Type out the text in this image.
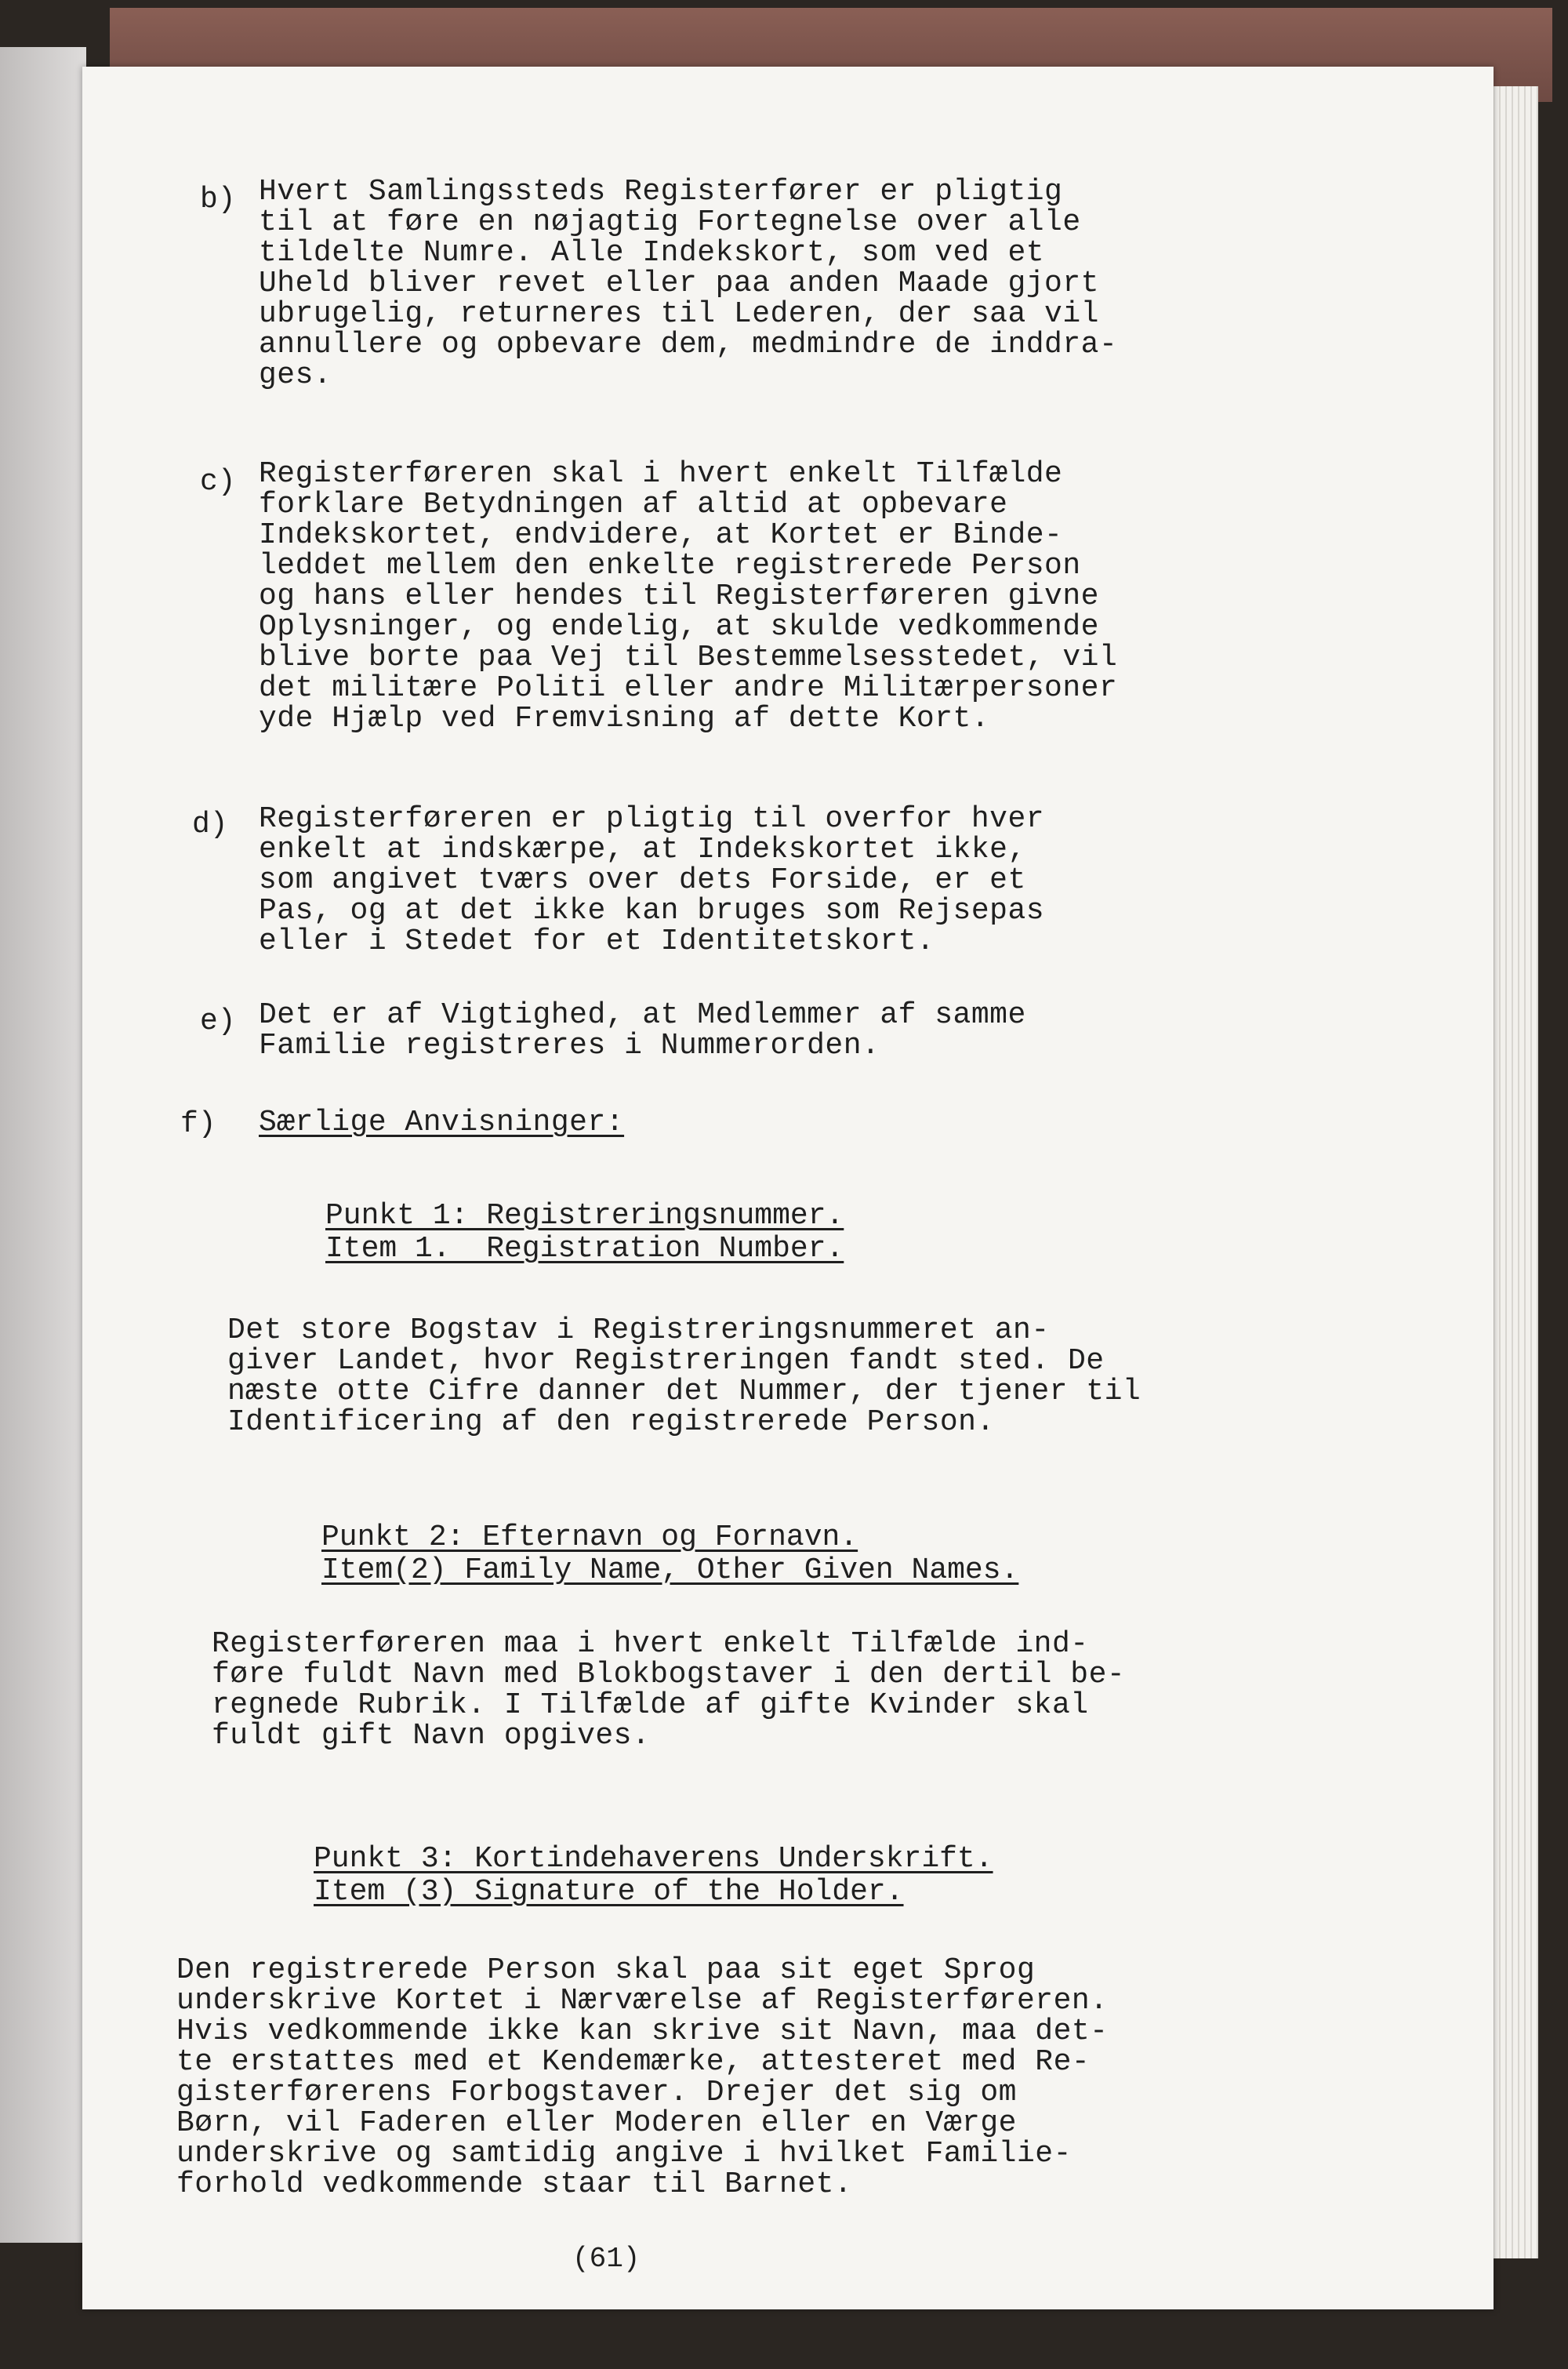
b) Hvert Samlingssteds Registerfører er pligtig
til at føre en nøjagtig Fortegnelse over alle
tildelte Numre. Alle Indekskort, som ved et
Uheld bliver revet eller paa anden Maade gjort
ubrugelig, returneres til Lederen, der saa vil
annullere og opbevare dem, medmindre de inddra-
ges.
c) Registerføreren skal i hvert enkelt Tilfælde
forklare Betydningen af altid at opbevare
Indekskortet, endvidere, at Kortet er Binde-
leddet mellem den enkelte registrerede Person
og hans eller hendes til Registerføreren givne
Oplysninger, og endelig, at skulde vedkommende
blive borte paa Vej til Bestemmelsesstedet, vil
det militære Politi eller andre Militærpersoner
yde Hjælp ved Fremvisning af dette Kort.
d) Registerføreren er pligtig til overfor hver
enkelt at indskærpe, at Indekskortet ikke,
som angivet tværs over dets Forside, er et
Pas, og at det ikke kan bruges som Rejsepas
eller i Stedet for et Identitetskort.
e) Det er af Vigtighed, at Medlemmer af samme
Familie registreres i Nummerorden.
f) Særlige Anvisninger:
Punkt 1: Registreringsnummer.
Item 1.  Registration Number.
Det store Bogstav i Registreringsnummeret an-
giver Landet, hvor Registreringen fandt sted. De
næste otte Cifre danner det Nummer, der tjener til
Identificering af den registrerede Person.
Punkt 2: Efternavn og Fornavn.
Item(2) Family Name, Other Given Names.
Registerføreren maa i hvert enkelt Tilfælde ind-
føre fuldt Navn med Blokbogstaver i den dertil be-
regnede Rubrik. I Tilfælde af gifte Kvinder skal
fuldt gift Navn opgives.
Punkt 3: Kortindehaverens Underskrift.
Item (3) Signature of the Holder.
Den registrerede Person skal paa sit eget Sprog
underskrive Kortet i Nærværelse af Registerføreren.
Hvis vedkommende ikke kan skrive sit Navn, maa det-
te erstattes med et Kendemærke, attesteret med Re-
gisterførerens Forbogstaver. Drejer det sig om
Børn, vil Faderen eller Moderen eller en Værge
underskrive og samtidig angive i hvilket Familie-
forhold vedkommende staar til Barnet.
(61)
